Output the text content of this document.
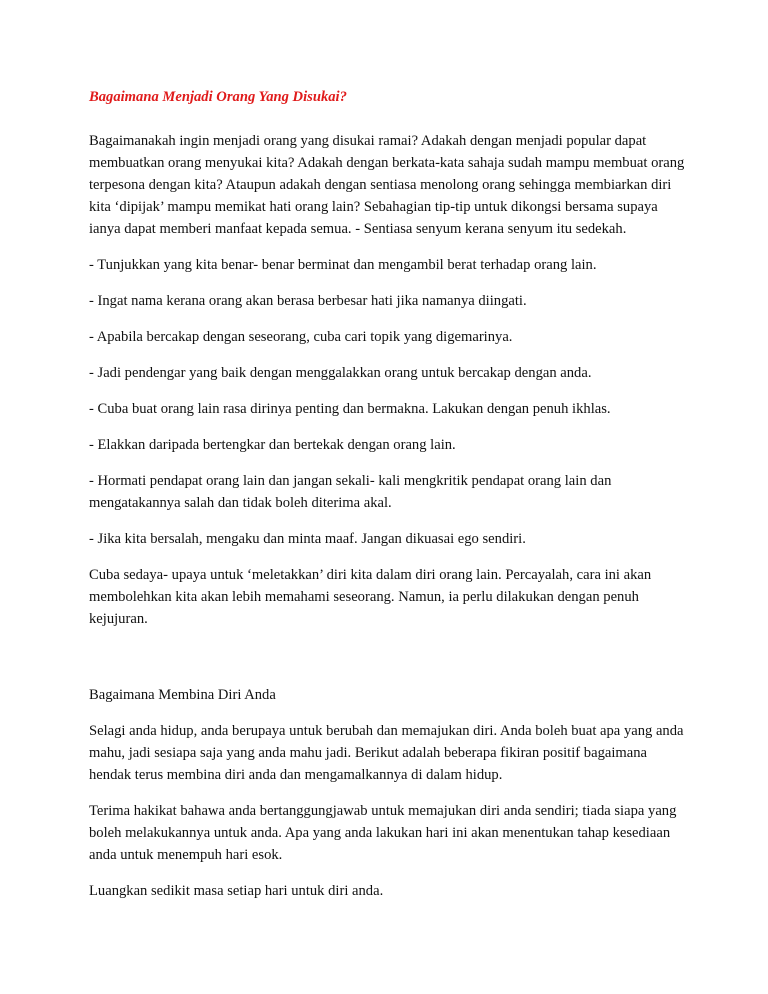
Bagaimana Menjadi Orang Yang Disukai?
Bagaimanakah ingin menjadi orang yang disukai ramai? Adakah dengan menjadi popular dapat membuatkan orang menyukai kita? Adakah dengan berkata-kata sahaja sudah mampu membuat orang terpesona dengan kita? Ataupun adakah dengan sentiasa menolong orang sehingga membiarkan diri kita ‘dipijak’ mampu memikat hati orang lain? Sebahagian tip-tip untuk dikongsi bersama supaya ianya dapat memberi manfaat kepada semua. - Sentiasa senyum kerana senyum itu sedekah.
- Tunjukkan yang kita benar- benar berminat dan mengambil berat terhadap orang lain.
- Ingat nama kerana orang akan berasa berbesar hati jika namanya diingati.
- Apabila bercakap dengan seseorang, cuba cari topik yang digemarinya.
- Jadi pendengar yang baik dengan menggalakkan orang untuk bercakap dengan anda.
- Cuba buat orang lain rasa dirinya penting dan bermakna. Lakukan dengan penuh ikhlas.
- Elakkan daripada bertengkar dan bertekak dengan orang lain.
- Hormati pendapat orang lain dan jangan sekali- kali mengkritik pendapat orang lain dan mengatakannya salah dan tidak boleh diterima akal.
- Jika kita bersalah, mengaku dan minta maaf. Jangan dikuasai ego sendiri.
Cuba sedaya- upaya untuk ‘meletakkan’ diri kita dalam diri orang lain. Percayalah, cara ini akan membolehkan kita akan lebih memahami seseorang. Namun, ia perlu dilakukan dengan penuh kejujuran.
Bagaimana Membina Diri Anda
Selagi anda hidup, anda berupaya untuk berubah dan memajukan diri. Anda boleh buat apa yang anda mahu, jadi sesiapa saja yang anda mahu jadi. Berikut adalah beberapa fikiran positif bagaimana hendak terus membina diri anda dan mengamalkannya di dalam hidup.
Terima hakikat bahawa anda bertanggungjawab untuk memajukan diri anda sendiri; tiada siapa yang boleh melakukannya untuk anda. Apa yang anda lakukan hari ini akan menentukan tahap kesediaan anda untuk menempuh hari esok.
Luangkan sedikit masa setiap hari untuk diri anda.
